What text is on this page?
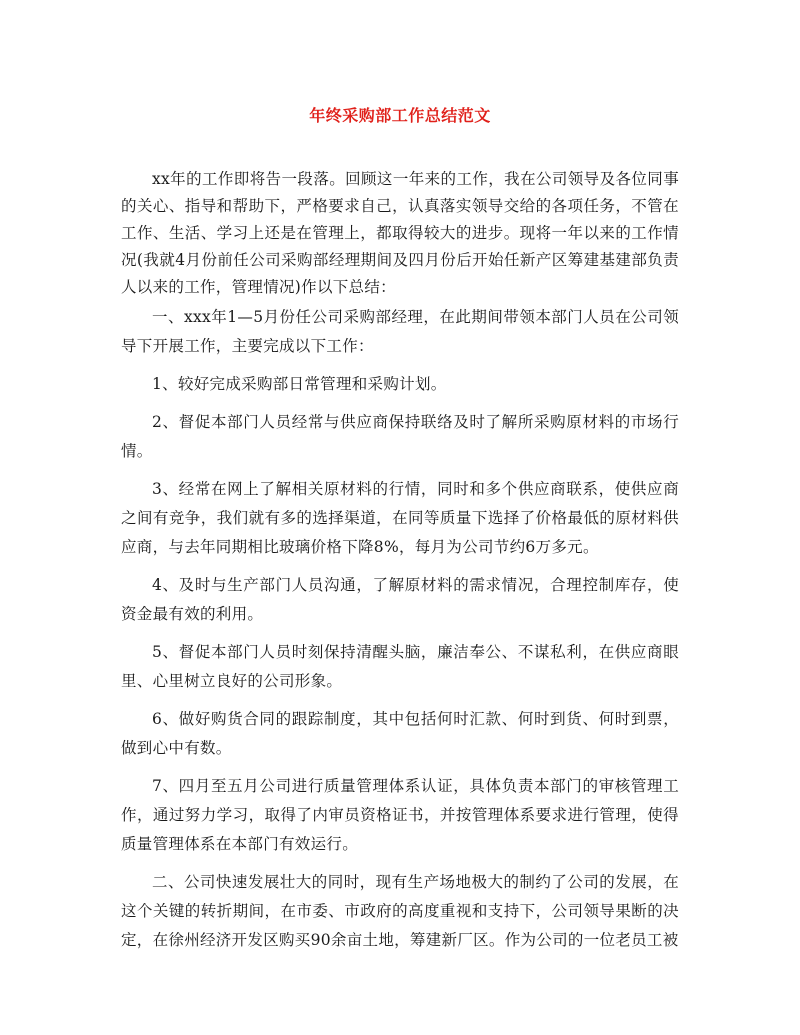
年终采购部工作总结范文

xx年的工作即将告一段落。回顾这一年来的工作，我在公司领导及各位同事的关心、指导和帮助下，严格要求自己，认真落实领导交给的各项任务，不管在工作、生活、学习上还是在管理上，都取得较大的进步。现将一年以来的工作情况(我就4月份前任公司采购部经理期间及四月份后开始任新产区筹建基建部负责人以来的工作，管理情况)作以下总结：

一、xxx年1—5月份任公司采购部经理，在此期间带领本部门人员在公司领导下开展工作，主要完成以下工作：

1、较好完成采购部日常管理和采购计划。

2、督促本部门人员经常与供应商保持联络及时了解所采购原材料的市场行情。

3、经常在网上了解相关原材料的行情，同时和多个供应商联系，使供应商之间有竞争，我们就有多的选择渠道，在同等质量下选择了价格最低的原材料供应商，与去年同期相比玻璃价格下降8%，每月为公司节约6万多元。

4、及时与生产部门人员沟通，了解原材料的需求情况，合理控制库存，使资金最有效的利用。

5、督促本部门人员时刻保持清醒头脑，廉洁奉公、不谋私利，在供应商眼里、心里树立良好的公司形象。

6、做好购货合同的跟踪制度，其中包括何时汇款、何时到货、何时到票，做到心中有数。

7、四月至五月公司进行质量管理体系认证，具体负责本部门的审核管理工作，通过努力学习，取得了内审员资格证书，并按管理体系要求进行管理，使得质量管理体系在本部门有效运行。

二、公司快速发展壮大的同时，现有生产场地极大的制约了公司的发展，在这个关键的转折期间，在市委、市政府的高度重视和支持下，公司领导果断的决定，在徐州经济开发区购买90余亩土地，筹建新厂区。作为公司的一位老员工被
